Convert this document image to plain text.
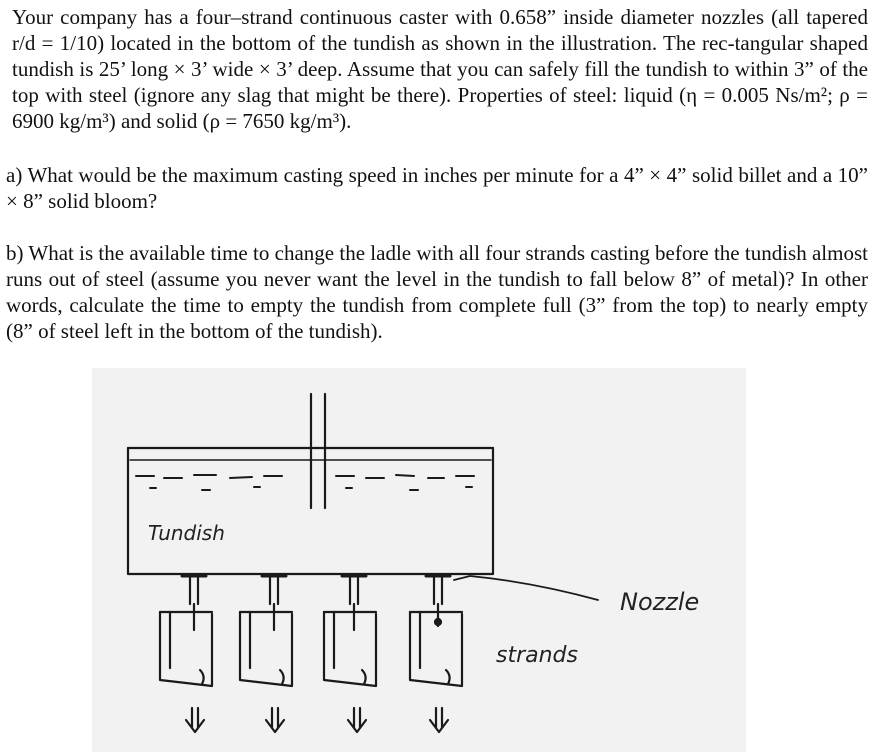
Your company has a four–strand continuous caster with 0.658” inside diameter nozzles (all tapered r/d = 1/10) located in the bottom of the tundish as shown in the illustration. The rec-tangular shaped tundish is 25’ long × 3’ wide × 3’ deep. Assume that you can safely fill the tundish to within 3” of the top with steel (ignore any slag that might be there). Properties of steel: liquid (η = 0.005 Ns/m²; ρ = 6900 kg/m³) and solid (ρ = 7650 kg/m³).

a) What would be the maximum casting speed in inches per minute for a 4” × 4” solid billet and a 10” × 8” solid bloom?

b) What is the available time to change the ladle with all four strands casting before the tundish almost runs out of steel (assume you never want the level in the tundish to fall below 8” of metal)? In other words, calculate the time to empty the tundish from complete full (3” from the top) to nearly empty (8” of steel left in the bottom of the tundish).

Tundish
Nozzle
strands
